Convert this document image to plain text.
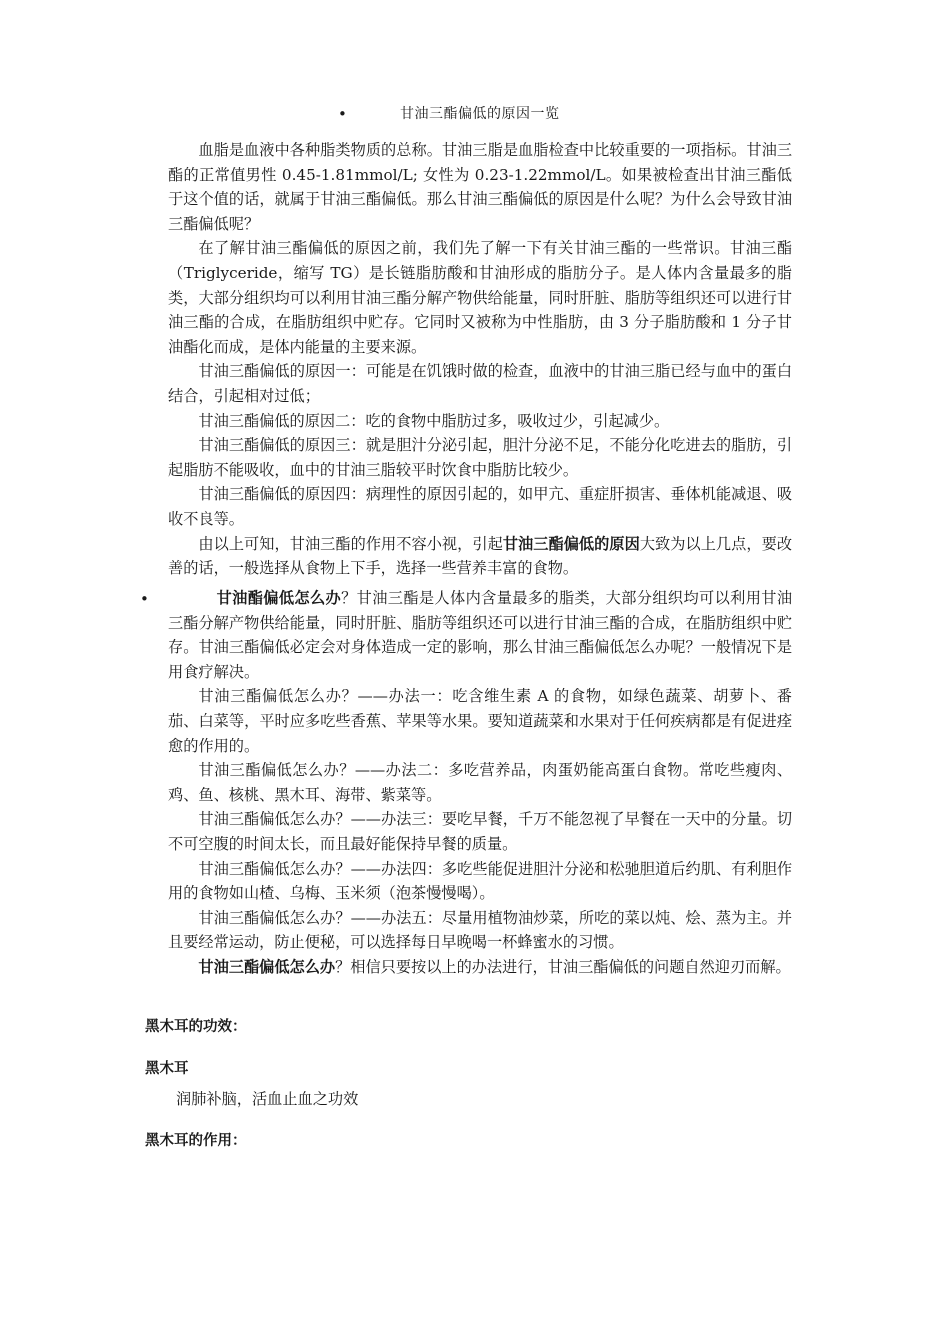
•	甘油三酯偏低的原因一览

血脂是血液中各种脂类物质的总称。甘油三脂是血脂检查中比较重要的一项指标。甘油三酯的正常值男性 0.45-1.81mmol/L; 女性为 0.23-1.22mmol/L。如果被检查出甘油三酯低于这个值的话，就属于甘油三酯偏低。那么甘油三酯偏低的原因是什么呢？为什么会导致甘油三酯偏低呢？

在了解甘油三酯偏低的原因之前，我们先了解一下有关甘油三酯的一些常识。甘油三酯（Triglyceride，缩写 TG）是长链脂肪酸和甘油形成的脂肪分子。是人体内含量最多的脂类，大部分组织均可以利用甘油三酯分解产物供给能量，同时肝脏、脂肪等组织还可以进行甘油三酯的合成，在脂肪组织中贮存。它同时又被称为中性脂肪，由 3 分子脂肪酸和 1 分子甘油酯化而成，是体内能量的主要来源。

甘油三酯偏低的原因一：可能是在饥饿时做的检查，血液中的甘油三脂已经与血中的蛋白结合，引起相对过低；

甘油三酯偏低的原因二：吃的食物中脂肪过多，吸收过少，引起减少。

甘油三酯偏低的原因三：就是胆汁分泌引起，胆汁分泌不足，不能分化吃进去的脂肪，引起脂肪不能吸收，血中的甘油三脂较平时饮食中脂肪比较少。

甘油三酯偏低的原因四：病理性的原因引起的，如甲亢、重症肝损害、垂体机能减退、吸收不良等。

由以上可知，甘油三酯的作用不容小视，引起甘油三酯偏低的原因大致为以上几点，要改善的话，一般选择从食物上下手，选择一些营养丰富的食物。

•	甘油酯偏低怎么办？甘油三酯是人体内含量最多的脂类，大部分组织均可以利用甘油三酯分解产物供给能量，同时肝脏、脂肪等组织还可以进行甘油三酯的合成，在脂肪组织中贮存。甘油三酯偏低必定会对身体造成一定的影响，那么甘油三酯偏低怎么办呢？一般情况下是用食疗解决。

甘油三酯偏低怎么办？——办法一：吃含维生素 A 的食物，如绿色蔬菜、胡萝卜、番茄、白菜等，平时应多吃些香蕉、苹果等水果。要知道蔬菜和水果对于任何疾病都是有促进痊愈的作用的。

甘油三酯偏低怎么办？——办法二：多吃营养品，肉蛋奶能高蛋白食物。常吃些瘦肉、鸡、鱼、核桃、黑木耳、海带、紫菜等。

甘油三酯偏低怎么办？——办法三：要吃早餐，千万不能忽视了早餐在一天中的分量。切不可空腹的时间太长，而且最好能保持早餐的质量。

甘油三酯偏低怎么办？——办法四：多吃些能促进胆汁分泌和松驰胆道后约肌、有利胆作用的食物如山楂、乌梅、玉米须（泡茶慢慢喝）。

甘油三酯偏低怎么办？——办法五：尽量用植物油炒菜，所吃的菜以炖、烩、蒸为主。并且要经常运动，防止便秘，可以选择每日早晚喝一杯蜂蜜水的习惯。

甘油三酯偏低怎么办？相信只要按以上的办法进行，甘油三酯偏低的问题自然迎刃而解。

黑木耳的功效：
黑木耳
润肺补脑，活血止血之功效
黑木耳的作用：
